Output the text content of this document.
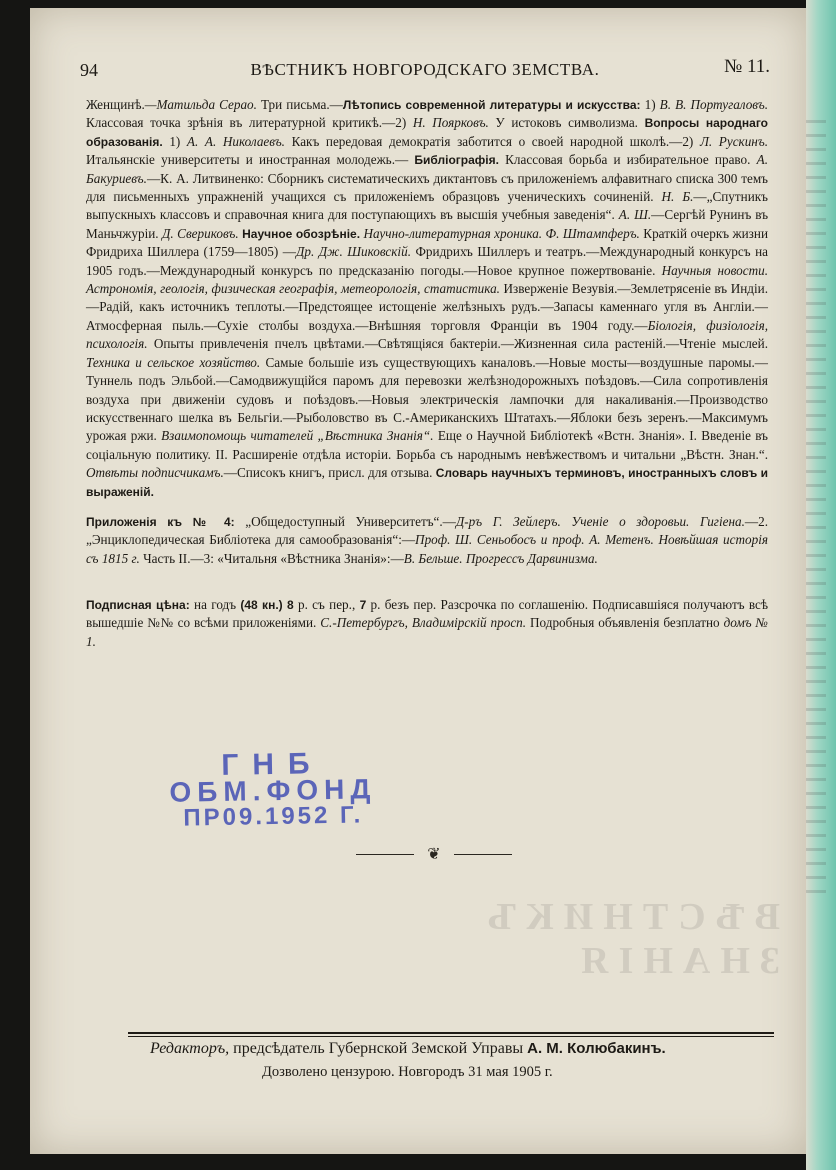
94	ВѢСТНИКЪ НОВГОРОДСКАГО ЗЕМСТВА.	№ 11.
ВѢСТНИКЪ ЗНАНІЯ

Женщинѣ.—Матильда Серао. Три письма.—Лѣтопись современной литературы и искусства: 1) В. В. Португаловъ. Классовая точка зрѣнія въ литературной критикѣ.—2) Н. Поярковъ. У истоковъ символизма. Вопросы народнаго образованія. 1) А. А. Николаевъ. Какъ передовая демократія заботится о своей народной школѣ.—2) Л. Рускинъ. Итальянскіе университеты и иностранная молодежь.— Библіографія. Классовая борьба и избирательное право. А. Бакуриевъ.—К. А. Литвиненко: Сборникъ систематическихъ диктантовъ съ приложеніемъ алфавитнаго списка 300 темъ для письменныхъ упражненій учащихся съ приложеніемъ образцовъ ученическихъ сочиненій. Н. Б.—„Спутникъ выпускныхъ классовъ и справочная книга для поступающихъ въ высшія учебныя заведенія“. А. Ш.—Сергѣй Рунинъ въ Маньчжуріи. Д. Свериковъ. Научное обозрѣніе. Научно-литературная хроника. Ф. Штампферъ. Краткій очеркъ жизни Фридриха Шиллера (1759—1805) —Др. Дж. Шиковскій. Фридрихъ Шиллеръ и театръ.—Международный конкурсъ на 1905 годъ.—Международный конкурсъ по предсказанію погоды.—Новое крупное пожертвованіе. Научныя новости. Астрономія, геологія, физическая географія, метеорологія, статистика. Изверженіе Везувія.—Землетрясеніе въ Индіи.—Радій, какъ источникъ теплоты.—Предстоящее истощеніе желѣзныхъ рудъ.—Запасы каменнаго угля въ Англіи.—Атмосферная пыль.—Сухіе столбы воздуха.—Внѣшняя торговля Франціи въ 1904 году.—Біологія, физіологія, психологія. Опыты привлеченія пчелъ цвѣтами.—Свѣтящіяся бактеріи.—Жизненная сила растеній.—Чтеніе мыслей. Техника и сельское хозяйство. Самые большіе изъ существующихъ каналовъ.—Новые мосты—воздушные паромы.—Туннель подъ Эльбой.—Самодвижущійся паромъ для перевозки желѣзнодорожныхъ поѣздовъ.—Сила сопротивленія воздуха при движеніи судовъ и поѣздовъ.—Новыя электрическія лампочки для накаливанія.—Производство искусственнаго шелка въ Бельгіи.—Рыболовство въ С.-Американскихъ Штатахъ.—Яблоки безъ зеренъ.—Максимумъ урожая ржи. Взаимопомощь читателей „Вѣстника Знанія“. Еще о Научной Библіотекѣ «Встн. Знанія». I. Введеніе въ соціальную политику. II. Расширеніе отдѣла исторіи. Борьба съ народнымъ невѣжествомъ и читальни „Вѣстн. Знан.“. Отвѣты подписчикамъ.—Списокъ книгъ, присл. для отзыва. Словарь научныхъ терминовъ, иностранныхъ словъ и выраженій.

Приложенія къ № 4: „Общедоступный Университетъ“.—Д-ръ Г. Зейлеръ. Ученіе о здоровьи. Гигіена.—2. „Энциклопедическая Библіотека для самообразованія“:—Проф. Ш. Сеньобосъ и проф. А. Метенъ. Новѣйшая исторія съ 1815 г. Часть II.—3: «Читальня «Вѣстника Знанія»:—В. Бельше. Прогрессъ Дарвинизма.

Подписная цѣна: на годъ (48 кн.) 8 р. съ пер., 7 р. безъ пер. Разсрочка по соглашенію. Подписавшіяся получаютъ всѣ вышедшіе №№ со всѣми приложеніями. С.-Петербургъ, Владимірскій просп. Подробныя объявленія безплатно домъ № 1.

ГНБ
ОБМ.ФОНД
ПР09.1952 Г.
❦
Редакторъ, предсѣдатель Губернской Земской Управы А. М. Колюбакинъ.
Дозволено цензурою. Новгородъ 31 мая 1905 г.
